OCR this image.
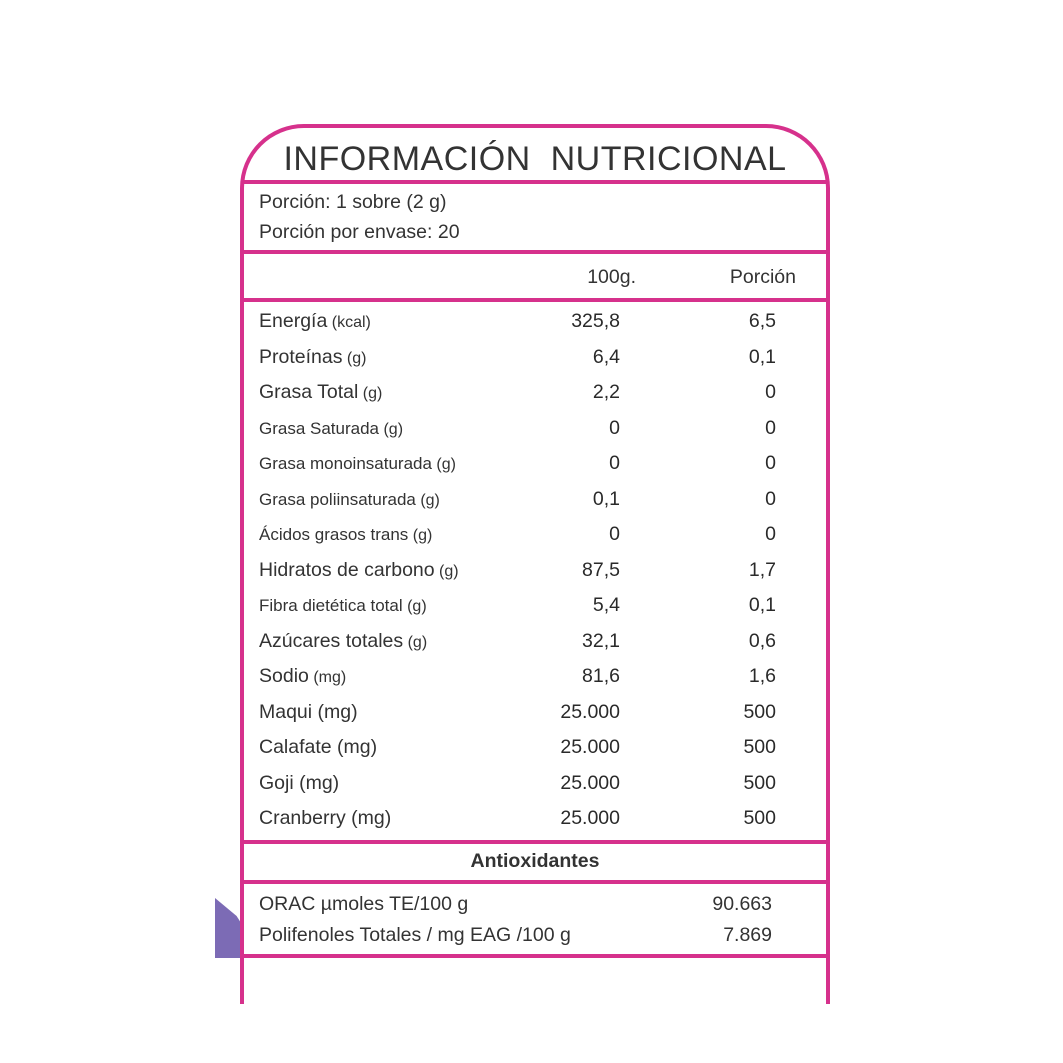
INFORMACIÓN  NUTRICIONAL
Porción: 1 sobre (2 g)
Porción por envase: 20
100g.	Porción
Energía (kcal)	325,8	6,5
Proteínas (g)	6,4	0,1
Grasa Total (g)	2,2	0
Grasa Saturada (g)	0	0
Grasa monoinsaturada (g)	0	0
Grasa poliinsaturada (g)	0,1	0
Ácidos grasos trans (g)	0	0
Hidratos de carbono (g)	87,5	1,7
Fibra dietética total (g)	5,4	0,1
Azúcares totales (g)	32,1	0,6
Sodio (mg)	81,6	1,6
Maqui (mg)	25.000	500
Calafate (mg)	25.000	500
Goji (mg)	25.000	500
Cranberry (mg)	25.000	500
Antioxidantes
ORAC µmoles TE/100 g	90.663
Polifenoles Totales / mg EAG /100 g	7.869
